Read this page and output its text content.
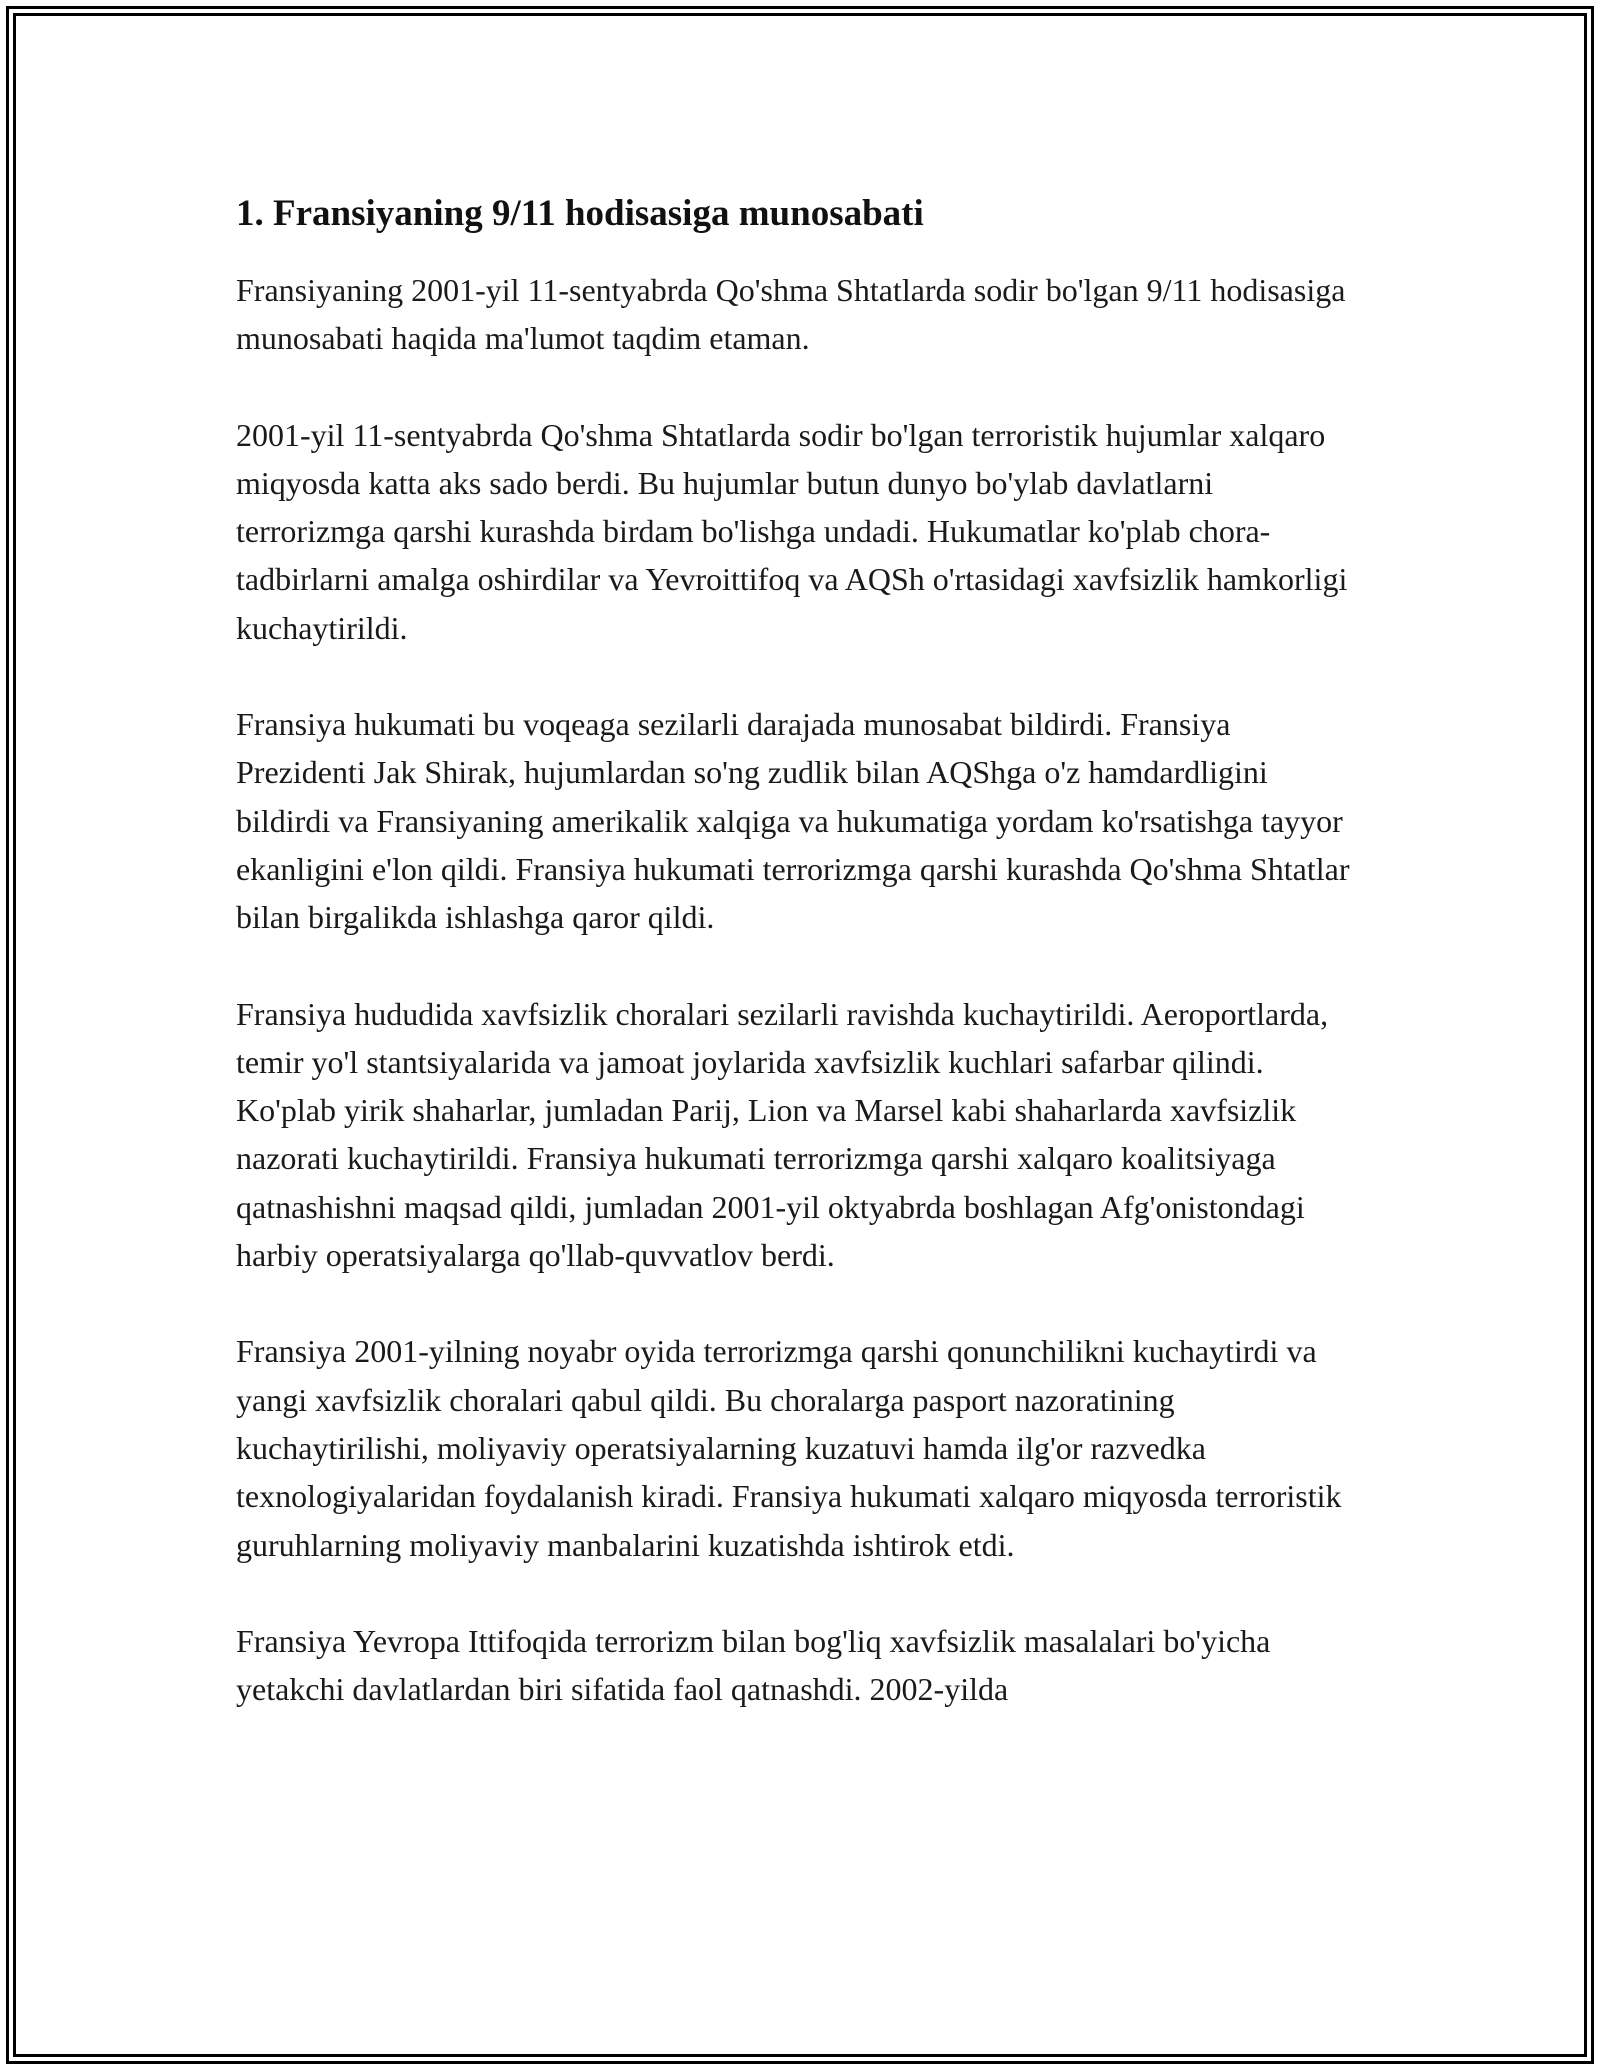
1. Fransiyaning 9/11 hodisasiga munosabati

Fransiyaning 2001-yil 11-sentyabrda Qo'shma Shtatlarda sodir bo'lgan 9/11 hodisasiga munosabati haqida ma'lumot taqdim etaman.

2001-yil 11-sentyabrda Qo'shma Shtatlarda sodir bo'lgan terroristik hujumlar xalqaro miqyosda katta aks sado berdi. Bu hujumlar butun dunyo bo'ylab davlatlarni terrorizmga qarshi kurashda birdam bo'lishga undadi. Hukumatlar ko'plab chora-tadbirlarni amalga oshirdilar va Yevroittifoq va AQSh o'rtasidagi xavfsizlik hamkorligi kuchaytirildi.

Fransiya hukumati bu voqeaga sezilarli darajada munosabat bildirdi. Fransiya Prezidenti Jak Shirak, hujumlardan so'ng zudlik bilan AQShga o'z hamdardligini bildirdi va Fransiyaning amerikalik xalqiga va hukumatiga yordam ko'rsatishga tayyor ekanligini e'lon qildi. Fransiya hukumati terrorizmga qarshi kurashda Qo'shma Shtatlar bilan birgalikda ishlashga qaror qildi.

Fransiya hududida xavfsizlik choralari sezilarli ravishda kuchaytirildi. Aeroportlarda, temir yo'l stantsiyalarida va jamoat joylarida xavfsizlik kuchlari safarbar qilindi. Ko'plab yirik shaharlar, jumladan Parij, Lion va Marsel kabi shaharlarda xavfsizlik nazorati kuchaytirildi. Fransiya hukumati terrorizmga qarshi xalqaro koalitsiyaga qatnashishni maqsad qildi, jumladan 2001-yil oktyabrda boshlagan Afg'onistondagi harbiy operatsiyalarga qo'llab-quvvatlov berdi.

Fransiya 2001-yilning noyabr oyida terrorizmga qarshi qonunchilikni kuchaytirdi va yangi xavfsizlik choralari qabul qildi. Bu choralarga pasport nazoratining kuchaytirilishi, moliyaviy operatsiyalarning kuzatuvi hamda ilg'or razvedka texnologiyalaridan foydalanish kiradi. Fransiya hukumati xalqaro miqyosda terroristik guruhlarning moliyaviy manbalarini kuzatishda ishtirok etdi.

Fransiya Yevropa Ittifoqida terrorizm bilan bog'liq xavfsizlik masalalari bo'yicha yetakchi davlatlardan biri sifatida faol qatnashdi. 2002-yilda
